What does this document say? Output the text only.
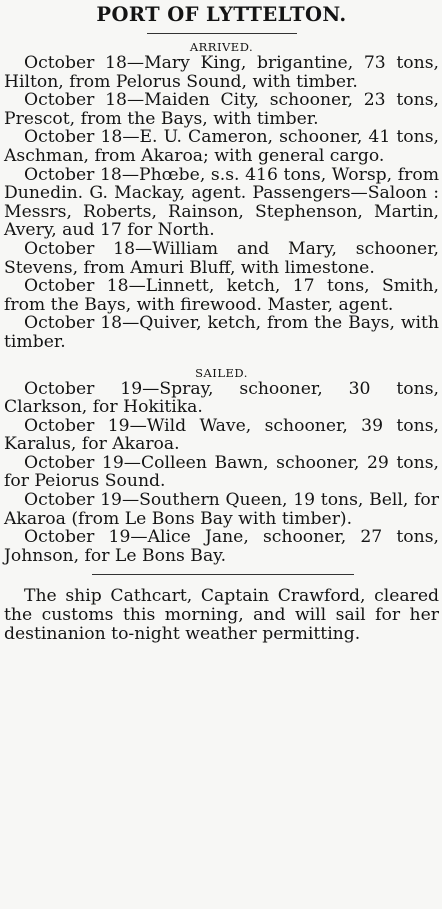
PORT OF LYTTELTON.
ARRIVED.

October 18—Mary King, brigantine, 73 tons, Hilton, from Pelorus Sound, with timber.

October 18—Maiden City, schooner, 23 tons, Prescot, from the Bays, with timber.

October 18—E. U. Cameron, schooner, 41 tons, Aschman, from Akaroa; with general cargo.

October 18—Phœbe, s.s. 416 tons, Worsp, from Dunedin. G. Mackay, agent. Passengers—Saloon : Messrs, Roberts, Rainson, Stephenson, Martin, Avery, aud 17 for North.

October 18—William and Mary, schooner, Stevens, from Amuri Bluff, with limestone.

October 18—Linnett, ketch, 17 tons, Smith, from the Bays, with firewood. Master, agent.

October 18—Quiver, ketch, from the Bays, with timber.

SAILED.

October 19—Spray, schooner, 30 tons, Clarkson, for Hokitika.

October 19—Wild Wave, schooner, 39 tons, Karalus, for Akaroa.

October 19—Colleen Bawn, schooner, 29 tons, for Peiorus Sound.

October 19—Southern Queen, 19 tons, Bell, for Akaroa (from Le Bons Bay with timber).

October 19—Alice Jane, schooner, 27 tons, Johnson, for Le Bons Bay.

The ship Cathcart, Captain Crawford, cleared the customs this morning, and will sail for her destinanion to-night weather permitting.
